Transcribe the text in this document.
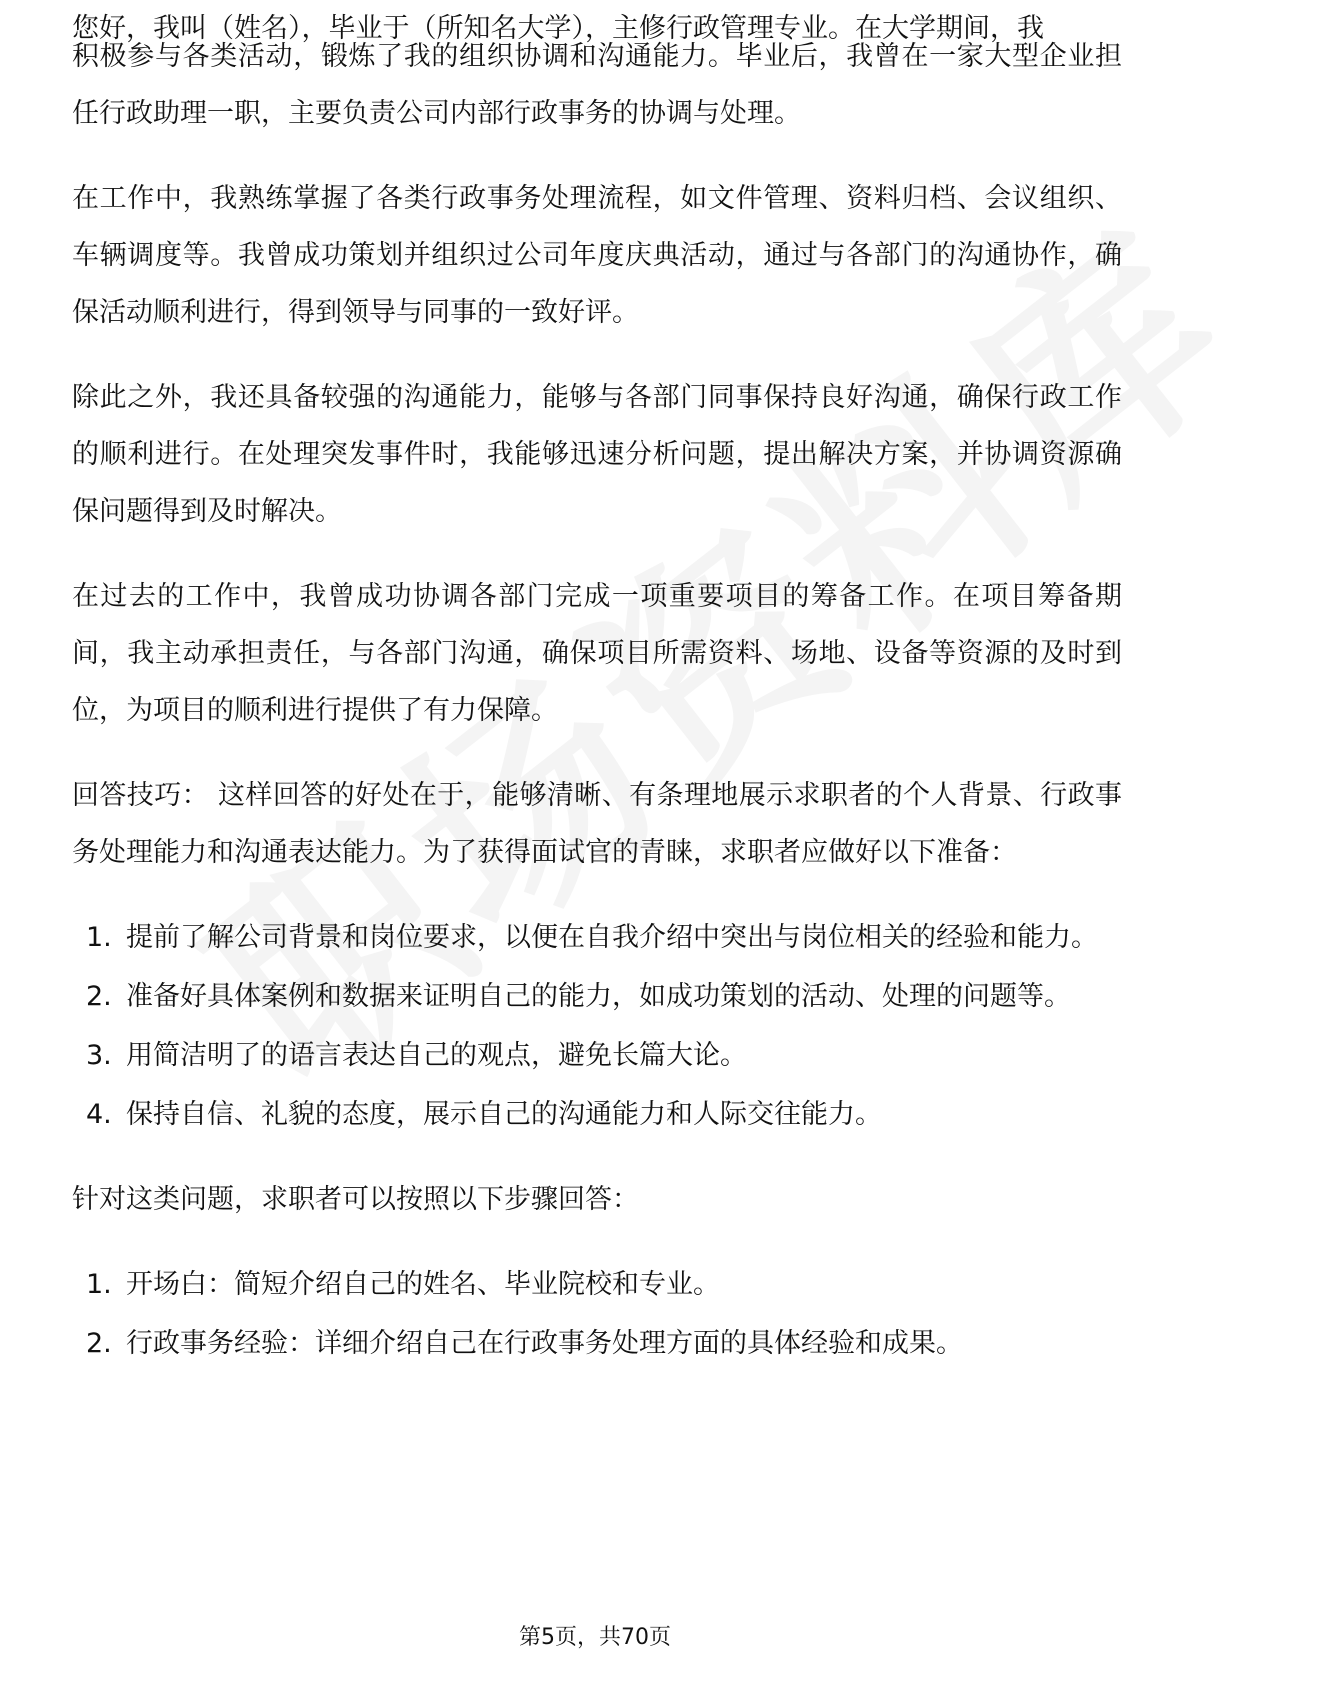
您好，我叫（姓名），毕业于（所知名大学），主修行政管理专业。在大学期间，我

积极参与各类活动，锻炼了我的组织协调和沟通能力。毕业后，我曾在一家大型企业担任行政助理一职，主要负责公司内部行政事务的协调与处理。

在工作中，我熟练掌握了各类行政事务处理流程，如文件管理、资料归档、会议组织、车辆调度等。我曾成功策划并组织过公司年度庆典活动，通过与各部门的沟通协作，确保活动顺利进行，得到领导与同事的一致好评。

除此之外，我还具备较强的沟通能力，能够与各部门同事保持良好沟通，确保行政工作的顺利进行。在处理突发事件时，我能够迅速分析问题，提出解决方案，并协调资源确保问题得到及时解决。

在过去的工作中，我曾成功协调各部门完成一项重要项目的筹备工作。在项目筹备期间，我主动承担责任，与各部门沟通，确保项目所需资料、场地、设备等资源的及时到位，为项目的顺利进行提供了有力保障。

回答技巧： 这样回答的好处在于，能够清晰、有条理地展示求职者的个人背景、行政事务处理能力和沟通表达能力。为了获得面试官的青睐，求职者应做好以下准备：

1. 提前了解公司背景和岗位要求，以便在自我介绍中突出与岗位相关的经验和能力。
2. 准备好具体案例和数据来证明自己的能力，如成功策划的活动、处理的问题等。
3. 用简洁明了的语言表达自己的观点，避免长篇大论。
4. 保持自信、礼貌的态度，展示自己的沟通能力和人际交往能力。

针对这类问题，求职者可以按照以下步骤回答：

1. 开场白：简短介绍自己的姓名、毕业院校和专业。
2. 行政事务经验：详细介绍自己在行政事务处理方面的具体经验和成果。
第5页，共70页
